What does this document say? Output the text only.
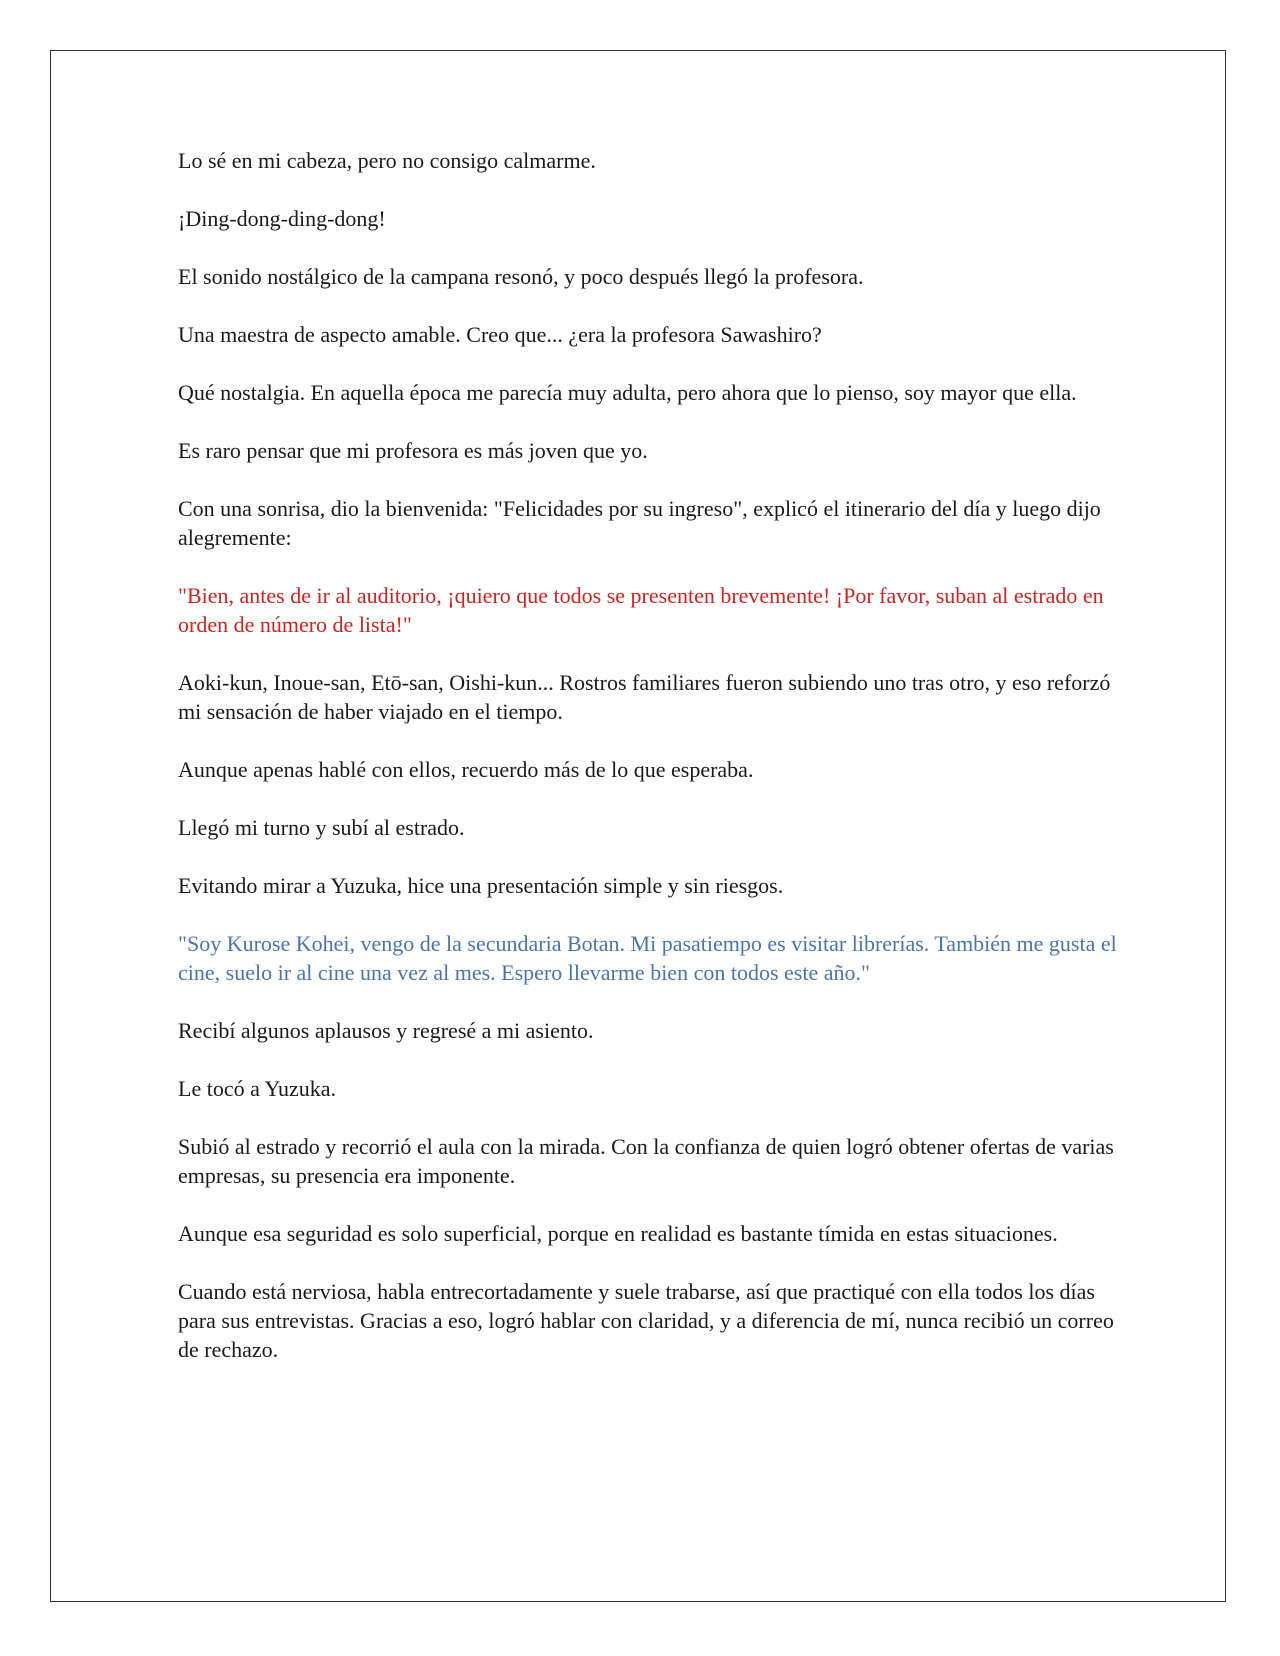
Lo sé en mi cabeza, pero no consigo calmarme.

¡Ding-dong-ding-dong!

El sonido nostálgico de la campana resonó, y poco después llegó la profesora.

Una maestra de aspecto amable. Creo que... ¿era la profesora Sawashiro?

Qué nostalgia. En aquella época me parecía muy adulta, pero ahora que lo pienso, soy mayor que ella.

Es raro pensar que mi profesora es más joven que yo.

Con una sonrisa, dio la bienvenida: "Felicidades por su ingreso", explicó el itinerario del día y luego dijo alegremente:

"Bien, antes de ir al auditorio, ¡quiero que todos se presenten brevemente! ¡Por favor, suban al estrado en orden de número de lista!"

Aoki-kun, Inoue-san, Etō-san, Oishi-kun... Rostros familiares fueron subiendo uno tras otro, y eso reforzó mi sensación de haber viajado en el tiempo.

Aunque apenas hablé con ellos, recuerdo más de lo que esperaba.

Llegó mi turno y subí al estrado.

Evitando mirar a Yuzuka, hice una presentación simple y sin riesgos.

"Soy Kurose Kohei, vengo de la secundaria Botan. Mi pasatiempo es visitar librerías. También me gusta el cine, suelo ir al cine una vez al mes. Espero llevarme bien con todos este año."

Recibí algunos aplausos y regresé a mi asiento.

Le tocó a Yuzuka.

Subió al estrado y recorrió el aula con la mirada. Con la confianza de quien logró obtener ofertas de varias empresas, su presencia era imponente.

Aunque esa seguridad es solo superficial, porque en realidad es bastante tímida en estas situaciones.

Cuando está nerviosa, habla entrecortadamente y suele trabarse, así que practiqué con ella todos los días para sus entrevistas. Gracias a eso, logró hablar con claridad, y a diferencia de mí, nunca recibió un correo de rechazo.
